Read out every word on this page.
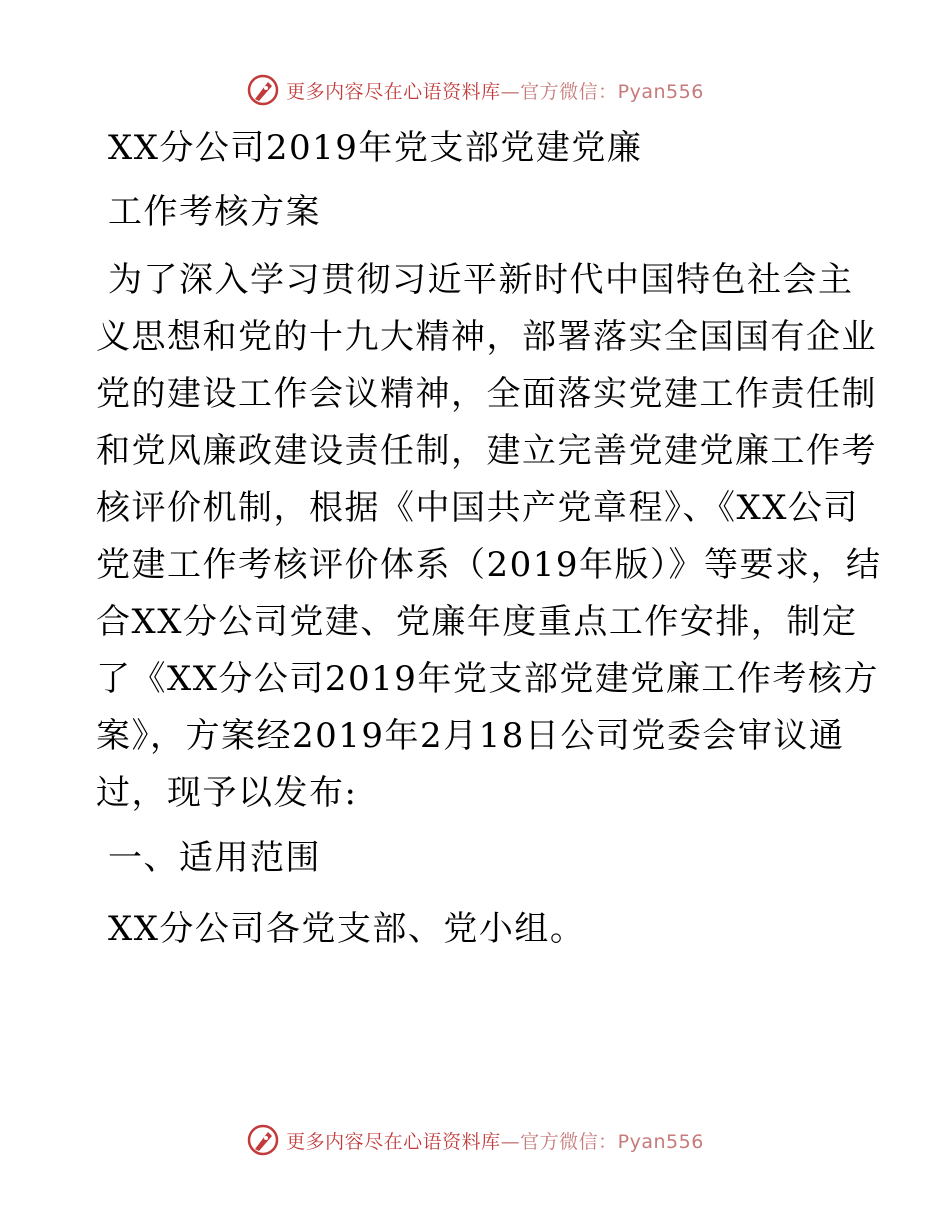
更多内容尽在心语资料库—官方微信：Pyan556
XX分公司2019年党支部党建党廉
工作考核方案
为了深入学习贯彻习近平新时代中国特色社会主
义思想和党的十九大精神，部署落实全国国有企业
党的建设工作会议精神，全面落实党建工作责任制
和党风廉政建设责任制，建立完善党建党廉工作考
核评价机制，根据《中国共产党章程》、《XX公司
党建工作考核评价体系（2019年版）》等要求，结
合XX分公司党建、党廉年度重点工作安排，制定
了《XX分公司2019年党支部党建党廉工作考核方
案》，方案经2019年2月18日公司党委会审议通
过，现予以发布:
一、适用范围
XX分公司各党支部、党小组。
更多内容尽在心语资料库—官方微信：Pyan556
